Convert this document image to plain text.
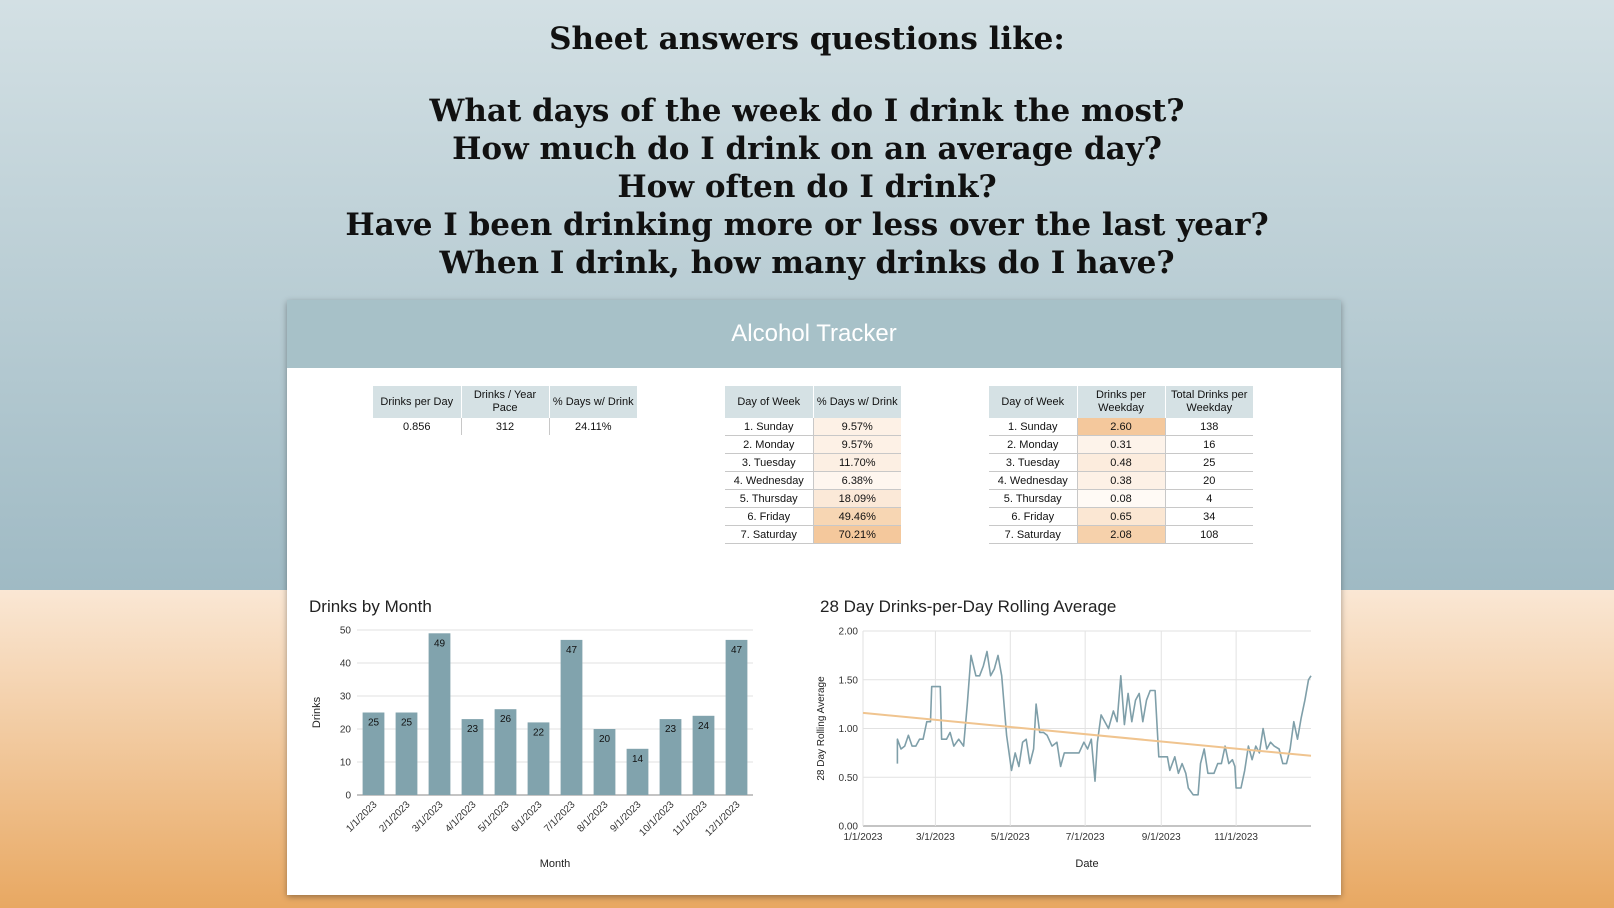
Sheet answers questions like:
What days of the week do I drink the most?
How much do I drink on an average day?
How often do I drink?
Have I been drinking more or less over the last year?
When I drink, how many drinks do I have?
Alcohol Tracker
Drinks per Day	Drinks / Year Pace	% Days w/ Drink
0.856	312	24.11%
Day of Week	% Days w/ Drink
1. Sunday	9.57%
2. Monday	9.57%
3. Tuesday	11.70%
4. Wednesday	6.38%
5. Thursday	18.09%
6. Friday	49.46%
7. Saturday	70.21%
Day of Week	Drinks per Weekday	Total Drinks per Weekday
1. Sunday	2.60	138
2. Monday	0.31	16
3. Tuesday	0.48	25
4. Wednesday	0.38	20
5. Thursday	0.08	4
6. Friday	0.65	34
7. Saturday	2.08	108
Drinks by Month
0
10
20
30
40
50
25
1/1/2023
25
2/1/2023
49
3/1/2023
23
4/1/2023
26
5/1/2023
22
6/1/2023
47
7/1/2023
20
8/1/2023
14
9/1/2023
23
10/1/2023
24
11/1/2023
47
12/1/2023
Month
Drinks
28 Day Drinks-per-Day Rolling Average
0.00
0.50
1.00
1.50
2.00
1/1/2023	3/1/2023	5/1/2023	7/1/2023	9/1/2023	11/1/2023
Date
28 Day Rolling Average
